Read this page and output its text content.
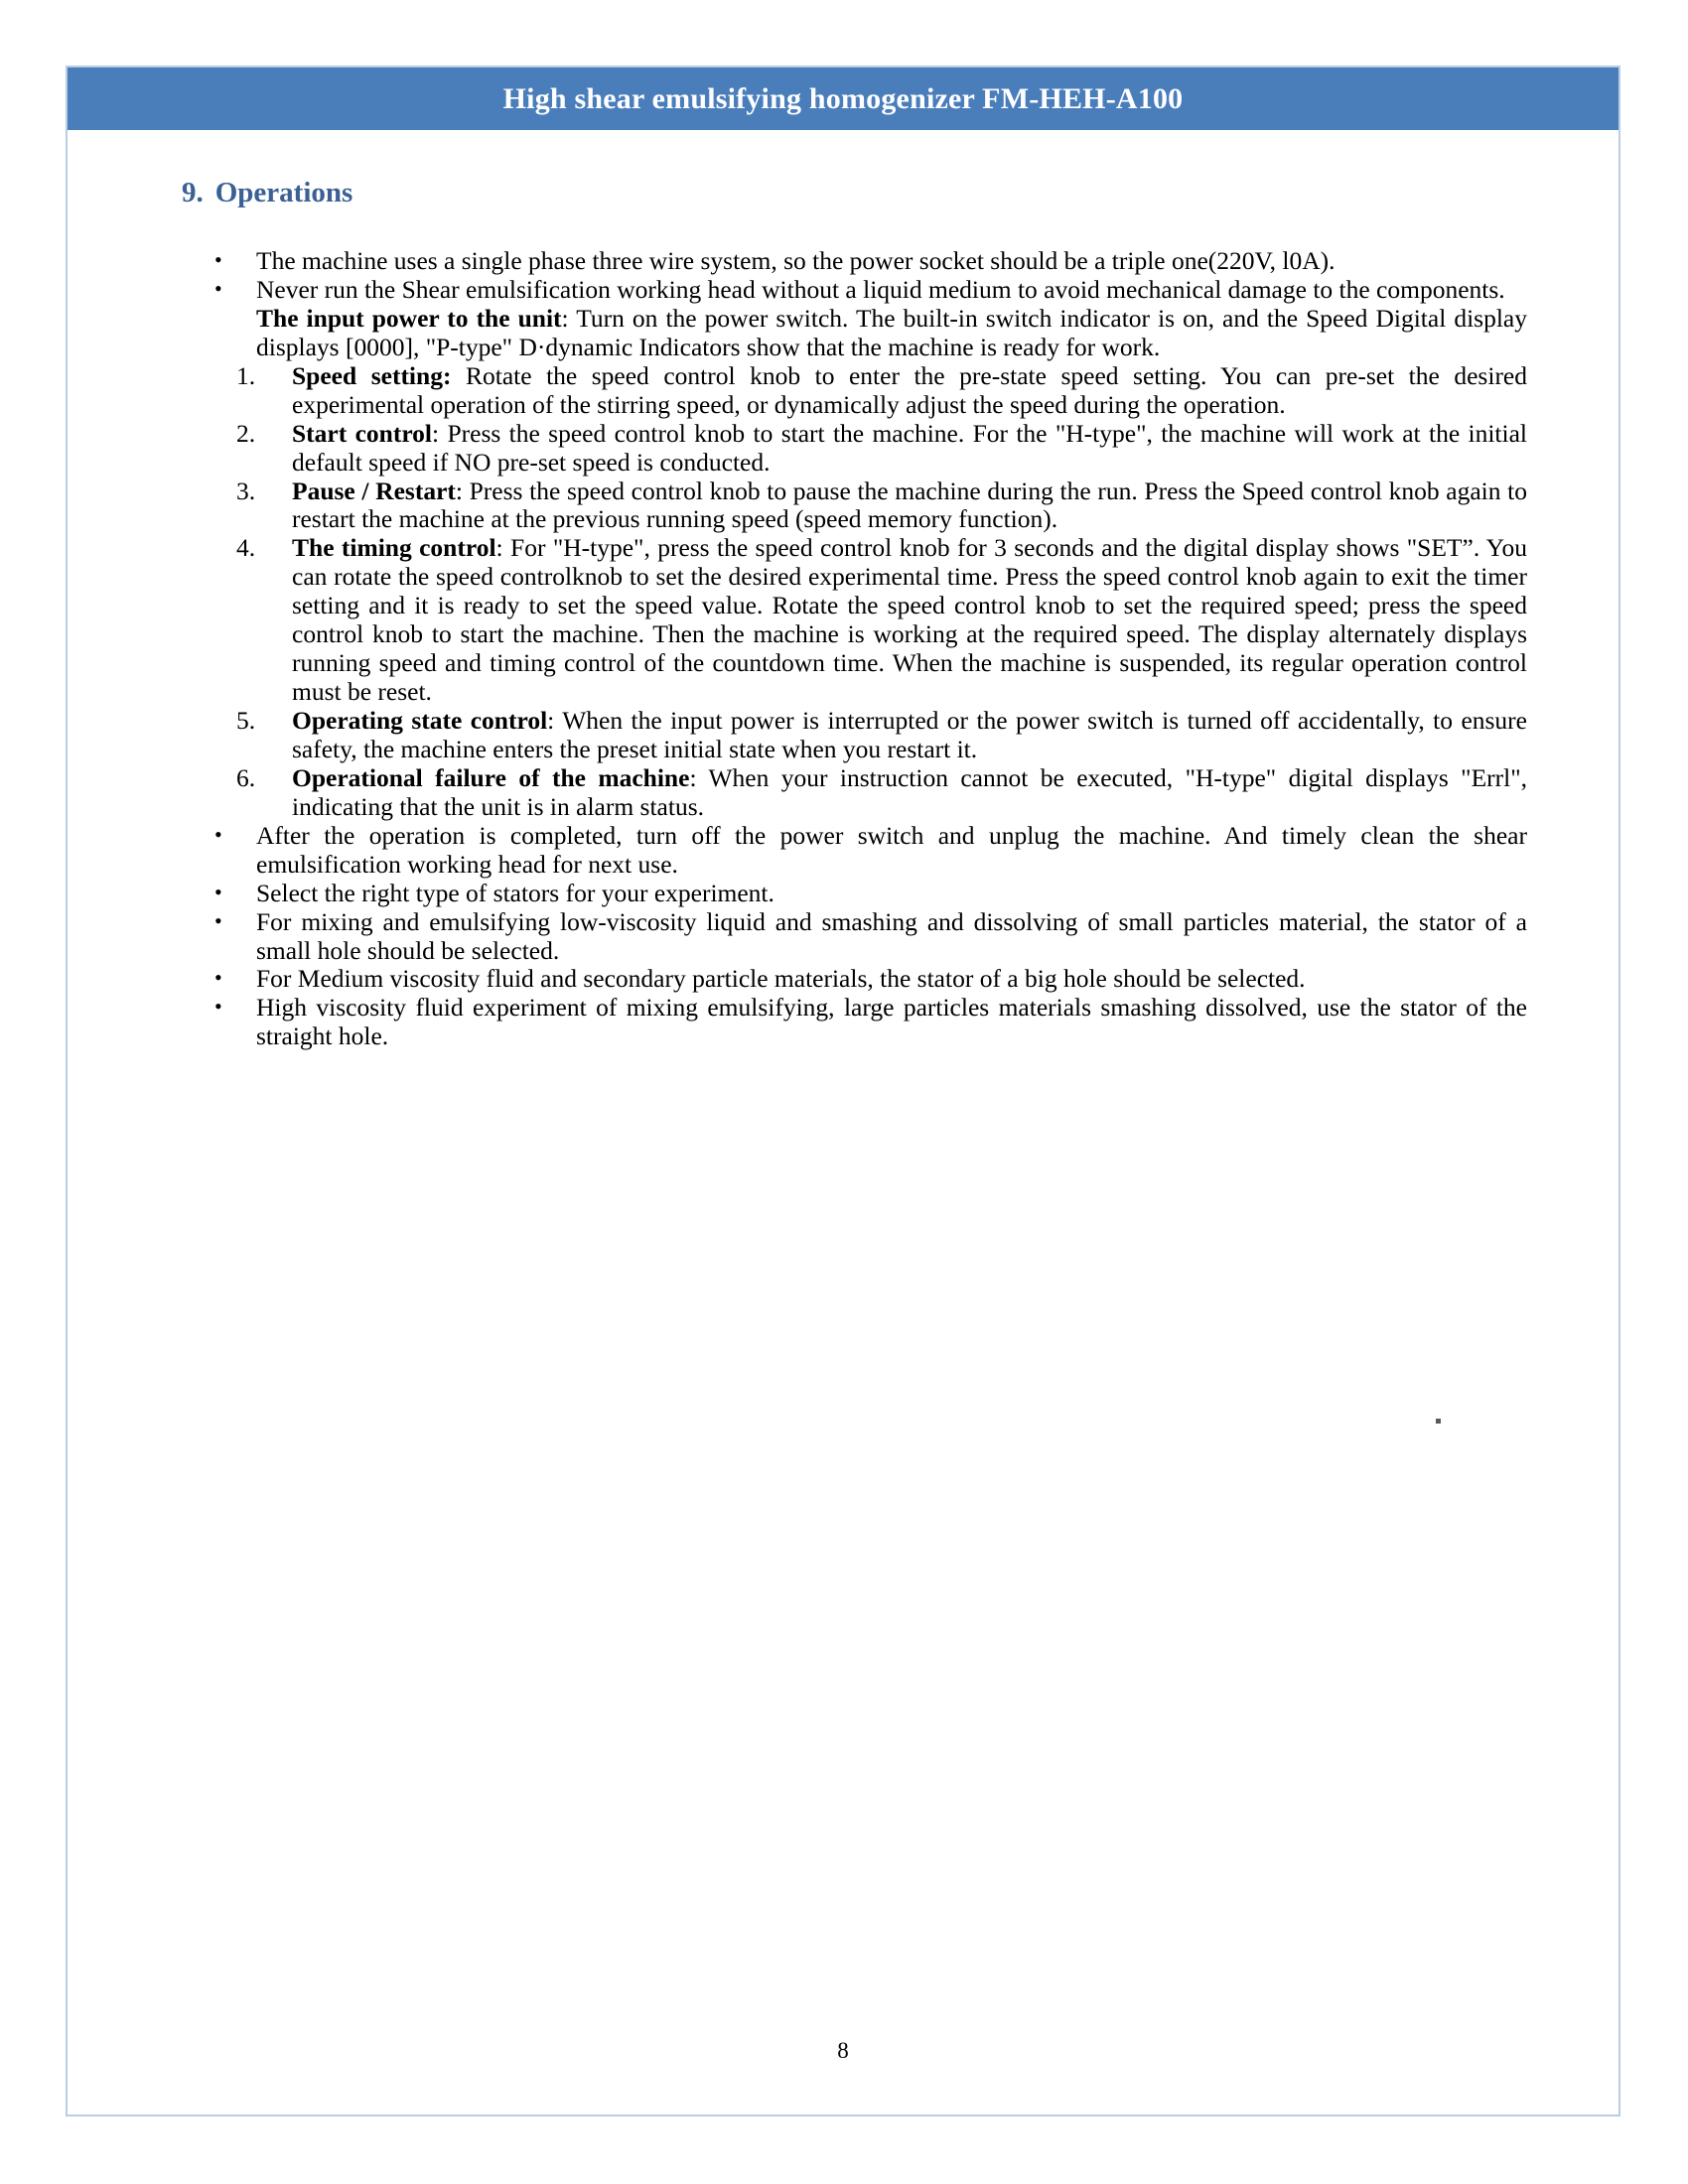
High shear emulsifying homogenizer FM-HEH-A100
9. Operations
• The machine uses a single phase three wire system, so the power socket should be a triple one(220V, l0A).
• Never run the Shear emulsification working head without a liquid medium to avoid mechanical damage to the components.
The input power to the unit: Turn on the power switch. The built-in switch indicator is on, and the Speed Digital display displays [0000], "P-type" D·dynamic Indicators show that the machine is ready for work.
1.	Speed setting: Rotate the speed control knob to enter the pre-state speed setting. You can pre-set the desired experimental operation of the stirring speed, or dynamically adjust the speed during the operation.
2.	Start control: Press the speed control knob to start the machine. For the "H-type", the machine will work at the initial default speed if NO pre-set speed is conducted.
3.	Pause / Restart: Press the speed control knob to pause the machine during the run. Press the Speed control knob again to restart the machine at the previous running speed (speed memory function).
4.	The timing control: For "H-type", press the speed control knob for 3 seconds and the digital display shows "SET”. You can rotate the speed controlknob to set the desired experimental time. Press the speed control knob again to exit the timer setting and it is ready to set the speed value. Rotate the speed control knob to set the required speed; press the speed control knob to start the machine. Then the machine is working at the required speed. The display alternately displays running speed and timing control of the countdown time. When the machine is suspended, its regular operation control must be reset.
5.	Operating state control: When the input power is interrupted or the power switch is turned off accidentally, to ensure safety, the machine enters the preset initial state when you restart it.
6.	Operational failure of the machine: When your instruction cannot be executed, "H-type" digital displays "Errl", indicating that the unit is in alarm status.
• After the operation is completed, turn off the power switch and unplug the machine. And timely clean the shear emulsification working head for next use.
• Select the right type of stators for your experiment.
• For mixing and emulsifying low-viscosity liquid and smashing and dissolving of small particles material, the stator of a small hole should be selected.
• For Medium viscosity fluid and secondary particle materials, the stator of a big hole should be selected.
• High viscosity fluid experiment of mixing emulsifying, large particles materials smashing dissolved, use the stator of the straight hole.
8
